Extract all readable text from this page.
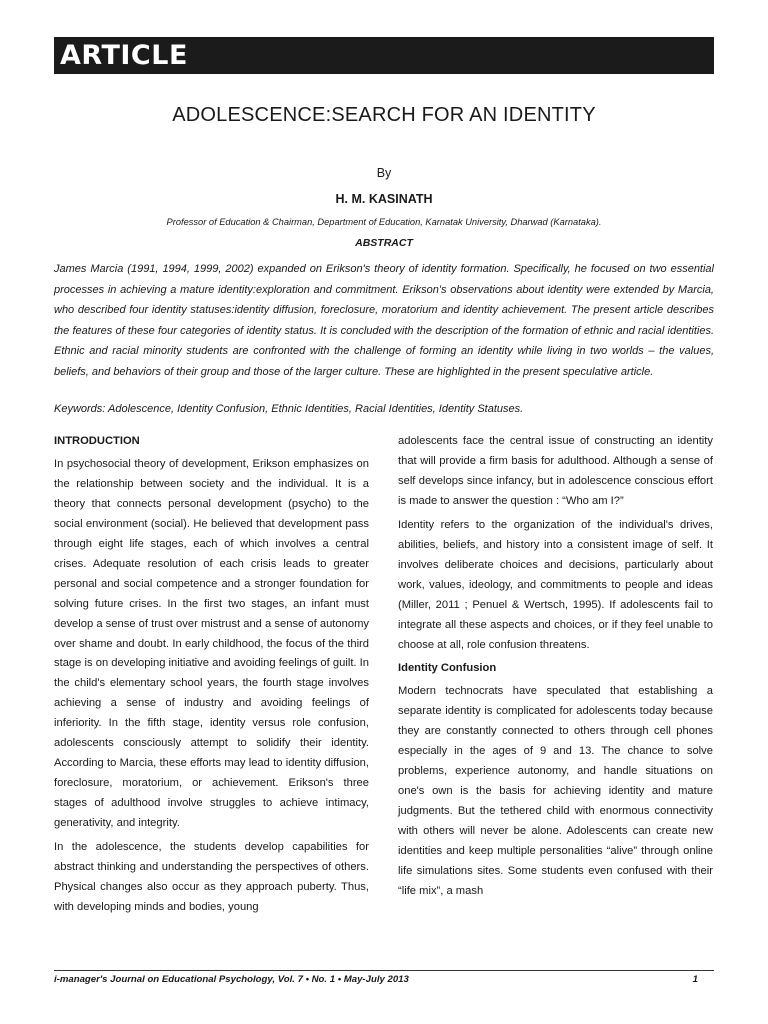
ARTICLE
ADOLESCENCE:SEARCH FOR AN IDENTITY
By
H. M. KASINATH
Professor of Education & Chairman, Department of Education, Karnatak University, Dharwad (Karnataka).
ABSTRACT

James Marcia (1991, 1994, 1999, 2002) expanded on Erikson's theory of identity formation. Specifically, he focused on two essential processes in achieving a mature identity:exploration and commitment. Erikson's observations about identity were extended by Marcia, who described four identity statuses:identity diffusion, foreclosure, moratorium and identity achievement. The present article describes the features of these four categories of identity status. It is concluded with the description of the formation of ethnic and racial identities. Ethnic and racial minority students are confronted with the challenge of forming an identity while living in two worlds – the values, beliefs, and behaviors of their group and those of the larger culture. These are highlighted in the present speculative article.

Keywords: Adolescence, Identity Confusion, Ethnic Identities, Racial Identities, Identity Statuses.

INTRODUCTION

In psychosocial theory of development, Erikson emphasizes on the relationship between society and the individual. It is a theory that connects personal development (psycho) to the social environment (social). He believed that development pass through eight life stages, each of which involves a central crises. Adequate resolution of each crisis leads to greater personal and social competence and a stronger foundation for solving future crises. In the first two stages, an infant must develop a sense of trust over mistrust and a sense of autonomy over shame and doubt. In early childhood, the focus of the third stage is on developing initiative and avoiding feelings of guilt. In the child's elementary school years, the fourth stage involves achieving a sense of industry and avoiding feelings of inferiority. In the fifth stage, identity versus role confusion, adolescents consciously attempt to solidify their identity. According to Marcia, these efforts may lead to identity diffusion, foreclosure, moratorium, or achievement. Erikson's three stages of adulthood involve struggles to achieve intimacy, generativity, and integrity.

In the adolescence, the students develop capabilities for abstract thinking and understanding the perspectives of others. Physical changes also occur as they approach puberty. Thus, with developing minds and bodies, young

adolescents face the central issue of constructing an identity that will provide a firm basis for adulthood. Although a sense of self develops since infancy, but in adolescence conscious effort is made to answer the question : “Who am I?”

Identity refers to the organization of the individual's drives, abilities, beliefs, and history into a consistent image of self. It involves deliberate choices and decisions, particularly about work, values, ideology, and commitments to people and ideas (Miller, 2011 ; Penuel & Wertsch, 1995). If adolescents fail to integrate all these aspects and choices, or if they feel unable to choose at all, role confusion threatens.

Identity Confusion

Modern technocrats have speculated that establishing a separate identity is complicated for adolescents today because they are constantly connected to others through cell phones especially in the ages of 9 and 13. The chance to solve problems, experience autonomy, and handle situations on one's own is the basis for achieving identity and mature judgments. But the tethered child with enormous connectivity with others will never be alone. Adolescents can create new identities and keep multiple personalities “alive” through online life simulations sites. Some students even confused with their “life mix”, a mash

i-manager's Journal on Educational Psychology, Vol. 7 • No. 1 • May-July 2013	1
